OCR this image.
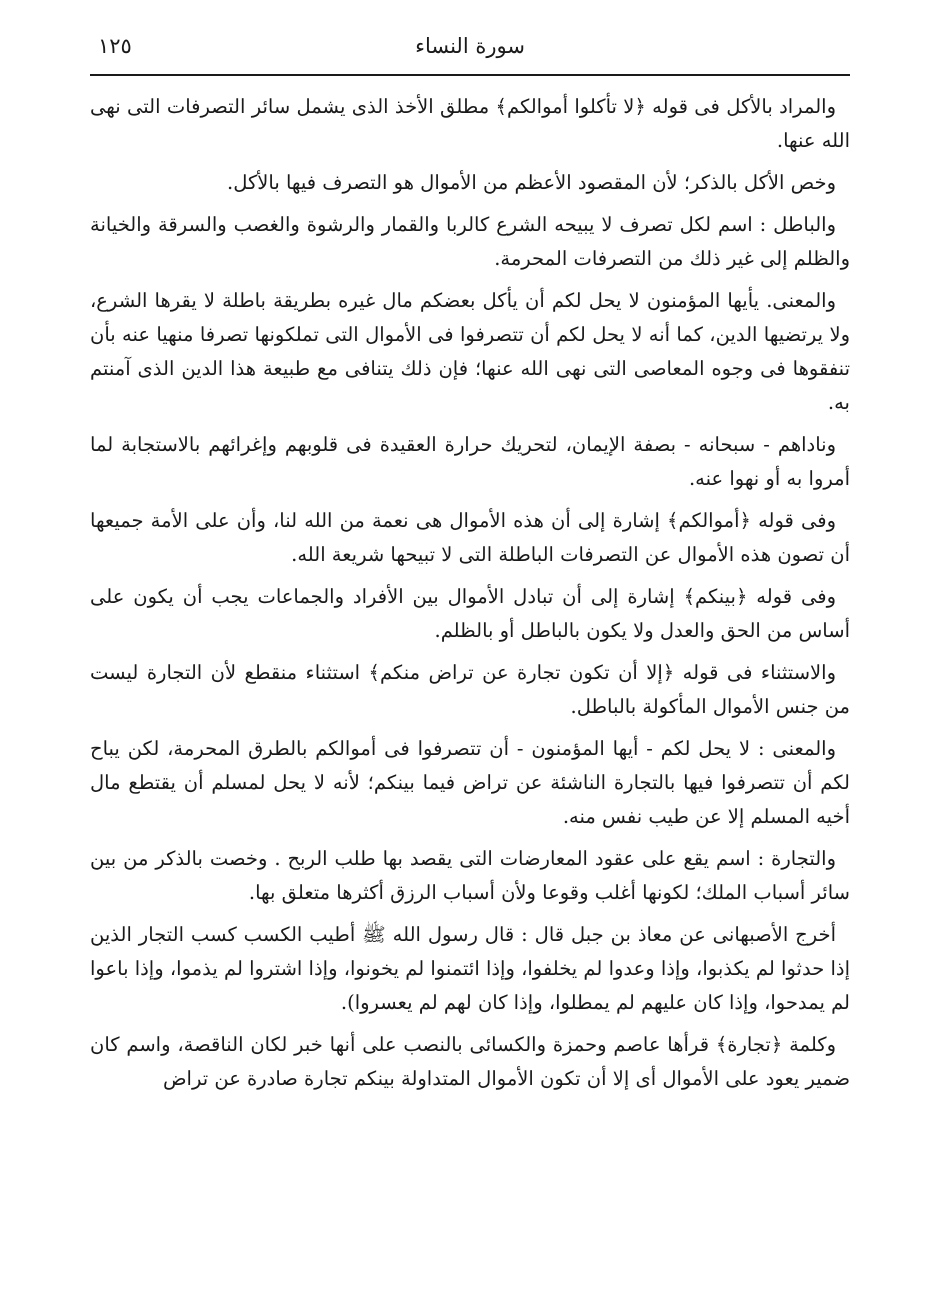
سورة النساء
١٢٥

والمراد بالأكل فى قوله ﴿لا تأكلوا أموالكم﴾ مطلق الأخذ الذى يشمل سائر التصرفات التى نهى الله عنها.

وخص الأكل بالذكر؛ لأن المقصود الأعظم من الأموال هو التصرف فيها بالأكل.

والباطل : اسم لكل تصرف لا يبيحه الشرع كالربا والقمار والرشوة والغصب والسرقة والخيانة والظلم إلى غير ذلك من التصرفات المحرمة.

والمعنى. يأيها المؤمنون لا يحل لكم أن يأكل بعضكم مال غيره بطريقة باطلة لا يقرها الشرع، ولا يرتضيها الدين، كما أنه لا يحل لكم أن تتصرفوا فى الأموال التى تملكونها تصرفا منهيا عنه بأن تنفقوها فى وجوه المعاصى التى نهى الله عنها؛ فإن ذلك يتنافى مع طبيعة هذا الدين الذى آمنتم به.

وناداهم - سبحانه - بصفة الإيمان، لتحريك حرارة العقيدة فى قلوبهم وإغرائهم بالاستجابة لما أمروا به أو نهوا عنه.

وفى قوله ﴿أموالكم﴾ إشارة إلى أن هذه الأموال هى نعمة من الله لنا، وأن على الأمة جميعها أن تصون هذه الأموال عن التصرفات الباطلة التى لا تبيحها شريعة الله.

وفى قوله ﴿بينكم﴾ إشارة إلى أن تبادل الأموال بين الأفراد والجماعات يجب أن يكون على أساس من الحق والعدل ولا يكون بالباطل أو بالظلم.

والاستثناء فى قوله ﴿إلا أن تكون تجارة عن تراض منكم﴾ استثناء منقطع لأن التجارة ليست من جنس الأموال المأكولة بالباطل.

والمعنى : لا يحل لكم - أيها المؤمنون - أن تتصرفوا فى أموالكم بالطرق المحرمة، لكن يباح لكم أن تتصرفوا فيها بالتجارة الناشئة عن تراض فيما بينكم؛ لأنه لا يحل لمسلم أن يقتطع مال أخيه المسلم إلا عن طيب نفس منه.

والتجارة : اسم يقع على عقود المعارضات التى يقصد بها طلب الربح . وخصت بالذكر من بين سائر أسباب الملك؛ لكونها أغلب وقوعا ولأن أسباب الرزق أكثرها متعلق بها.

أخرج الأصبهانى عن معاذ بن جبل قال : قال رسول الله ﷺ أطيب الكسب كسب التجار الذين إذا حدثوا لم يكذبوا، وإذا وعدوا لم يخلفوا، وإذا ائتمنوا لم يخونوا، وإذا اشتروا لم يذموا، وإذا باعوا لم يمدحوا، وإذا كان عليهم لم يمطلوا، وإذا كان لهم لم يعسروا).

وكلمة ﴿تجارة﴾ قرأها عاصم وحمزة والكسائى بالنصب على أنها خبر لكان الناقصة، واسم كان ضمير يعود على الأموال أى إلا أن تكون الأموال المتداولة بينكم تجارة صادرة عن تراض
